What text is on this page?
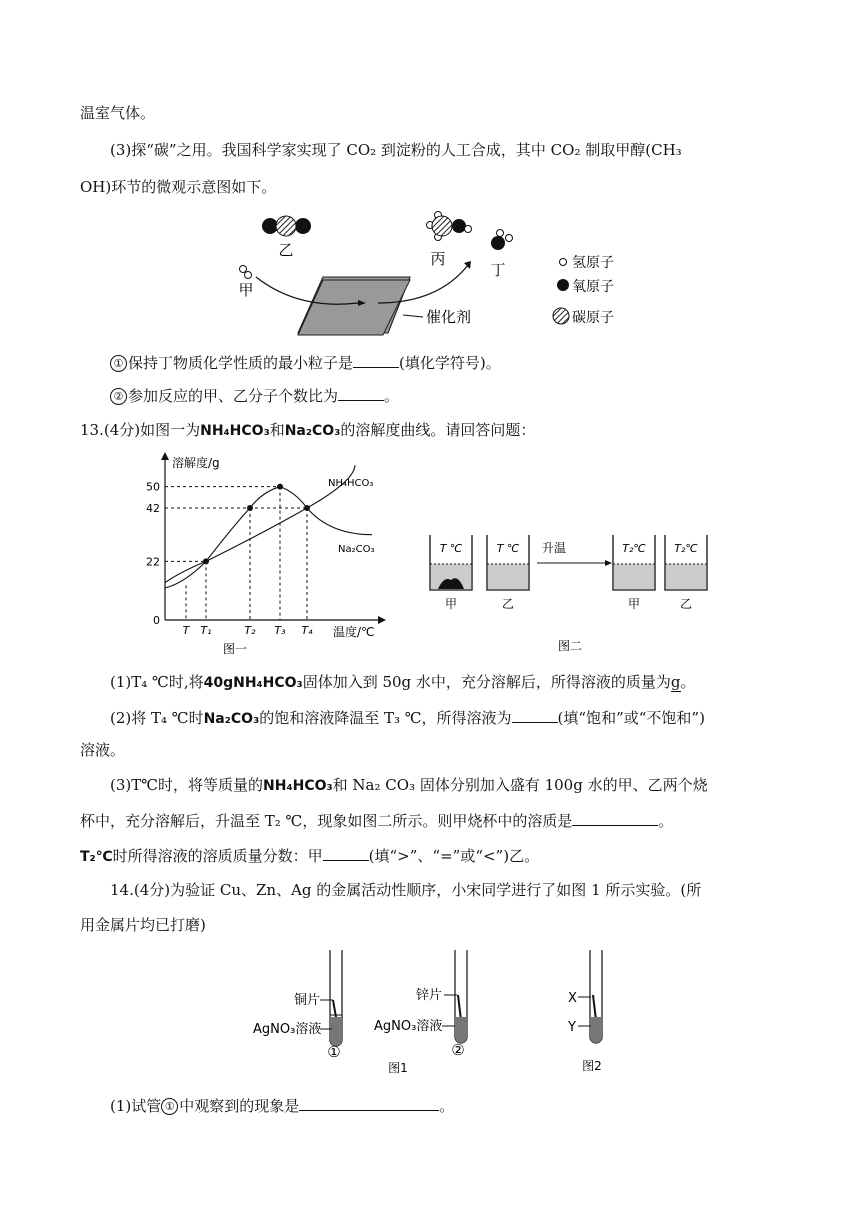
温室气体。
(3)探“碳”之用。我国科学家实现了 CO₂ 到淀粉的人工合成，其中 CO₂ 制取甲醇(CH₃
OH)环节的微观示意图如下。
乙
甲
催化剂
丙
丁	氢原子
氧原子
碳原子
① 保持丁物质化学性质的最小粒子是	(填化学符号)。
② 参加反应的甲、乙分子个数比为	。
13.(4分)如图一为NH₄HCO₃和Na₂CO₃的溶解度曲线。请回答问题：
溶解度/g
温度/℃
图一
0
22
42
50
T T₁	T₂ T₃ T₄
NH₄HCO₃
Na₂CO₃	T ℃
甲
T ℃
乙
T₂℃
甲
T₂℃
乙
升温
图二
(1)T₄ ℃时,将40gNH₄HCO₃固体加入到 50g 水中，充分溶解后，所得溶液的质量为g。
(2)将 T₄ ℃时Na₂CO₃的饱和溶液降温至 T₃ ℃，所得溶液为	(填“饱和”或“不饱和”)
溶液。
(3)T℃时，将等质量的NH₄HCO₃和 Na₂ CO₃ 固体分别加入盛有 100g 水的甲、乙两个烧
杯中，充分溶解后，升温至 T₂ ℃，现象如图二所示。则甲烧杯中的溶质是	。
T₂℃时所得溶液的溶质质量分数：甲	(填“>”、“=”或“<”)乙。
14.(4分)为验证 Cu、Zn、Ag 的金属活动性顺序，小宋同学进行了如图 1 所示实验。(所
用金属片均已打磨)
铜片
AgNO₃溶液
①
锌片
AgNO₃溶液
②
图1
X
Y
图2
(1)试管 ① 中观察到的现象是	。
